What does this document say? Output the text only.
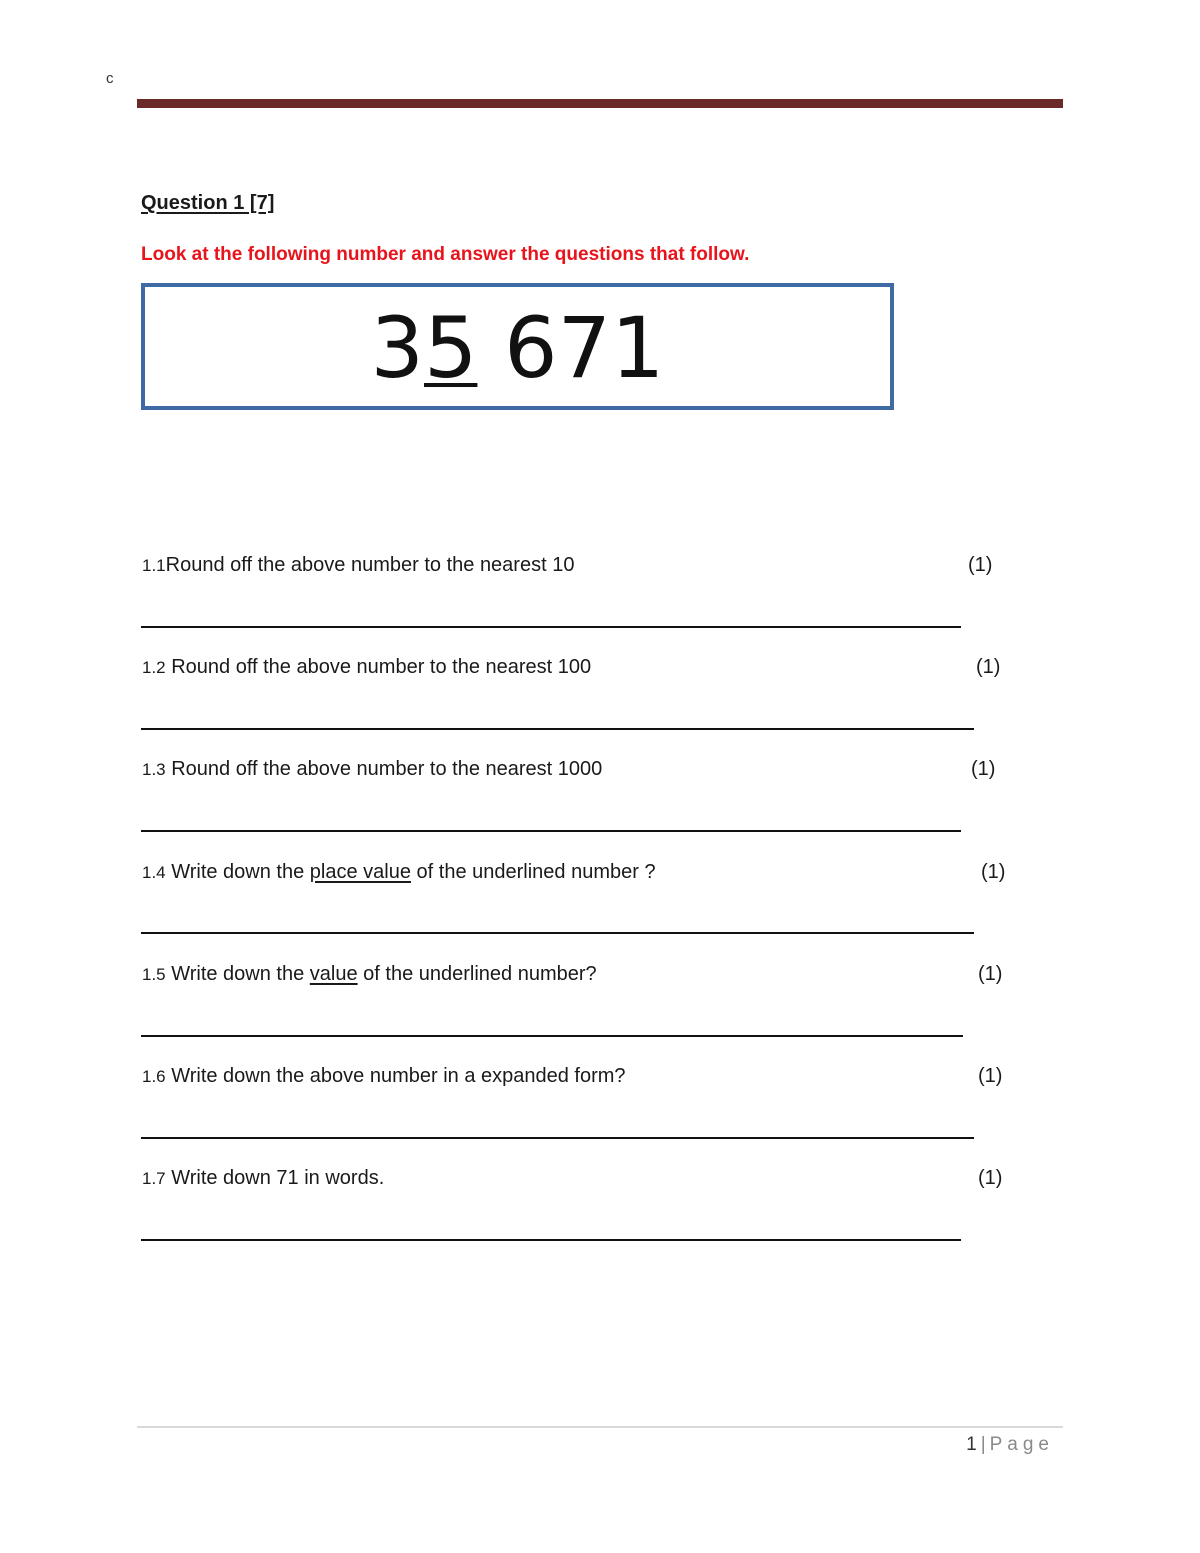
c
Question 1 [7]
Look at the following number and answer the questions that follow.
35 671
1.1Round off the above number to the nearest 10	(1)
1.2 Round off the above number to the nearest 100	(1)
1.3 Round off the above number to the nearest 1000	(1)
1.4 Write down the place value of the underlined number ?	(1)
1.5 Write down the value of the underlined number?	(1)
1.6 Write down the above number in a expanded form?	(1)
1.7 Write down 71 in words.	(1)
1 | Page
